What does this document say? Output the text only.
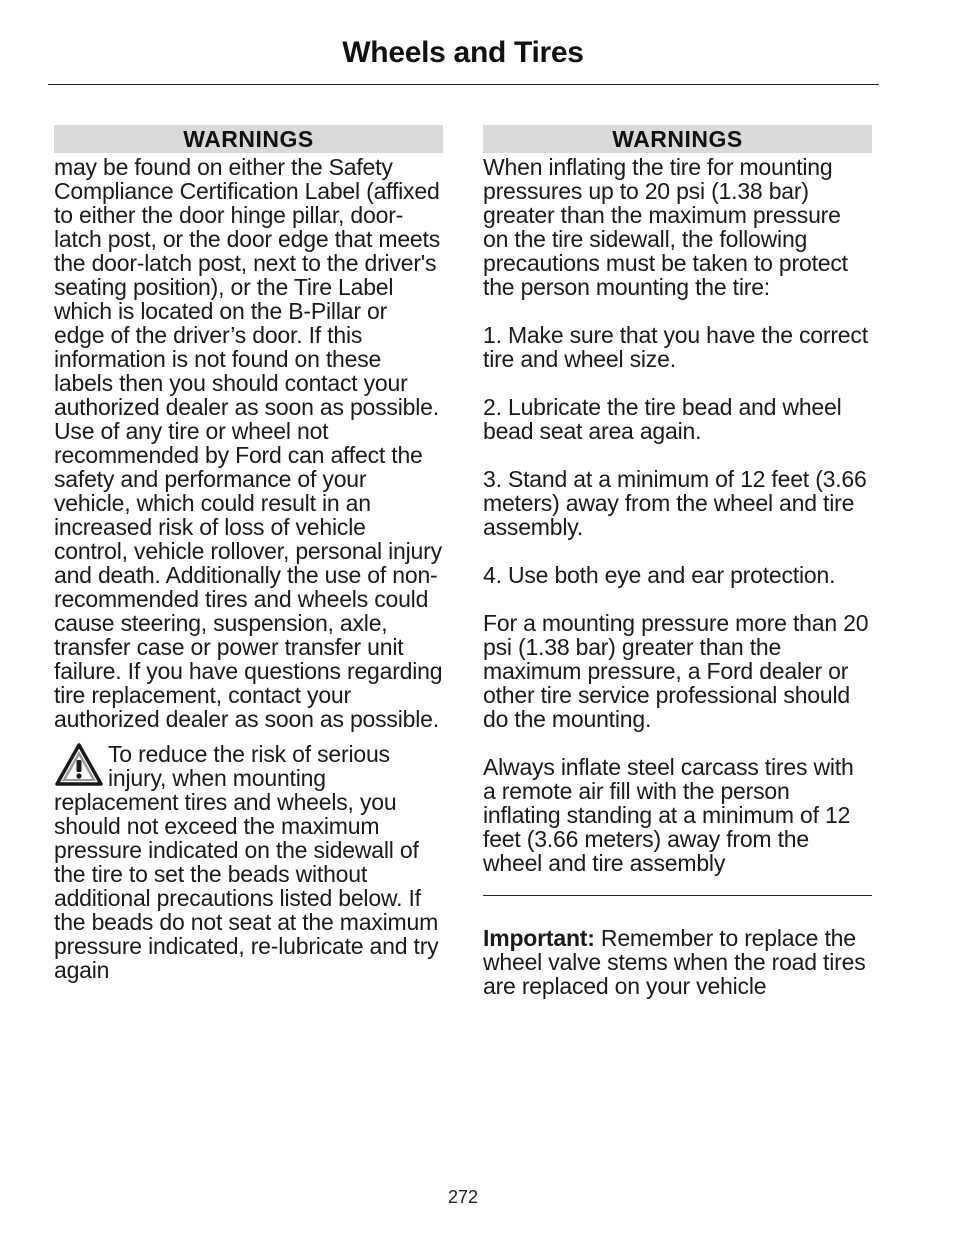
Wheels and Tires
WARNINGS

may be found on either the Safety Compliance Certification Label (affixed to either the door hinge pillar, door-latch post, or the door edge that meets the door-latch post, next to the driver's seating position), or the Tire Label which is located on the B-Pillar or edge of the driver’s door. If this information is not found on these labels then you should contact your authorized dealer as soon as possible. Use of any tire or wheel not recommended by Ford can affect the safety and performance of your vehicle, which could result in an increased risk of loss of vehicle control, vehicle rollover, personal injury and death. Additionally the use of non-recommended tires and wheels could cause steering, suspension, axle, transfer case or power transfer unit failure. If you have questions regarding tire replacement, contact your authorized dealer as soon as possible.

To reduce the risk of serious injury, when mounting replacement tires and wheels, you should not exceed the maximum pressure indicated on the sidewall of the tire to set the beads without additional precautions listed below. If the beads do not seat at the maximum pressure indicated, re-lubricate and try again

WARNINGS

When inflating the tire for mounting pressures up to 20 psi (1.38 bar) greater than the maximum pressure on the tire sidewall, the following precautions must be taken to protect the person mounting the tire:

1. Make sure that you have the correct tire and wheel size.

2. Lubricate the tire bead and wheel bead seat area again.

3. Stand at a minimum of 12 feet (3.66 meters) away from the wheel and tire assembly.

4. Use both eye and ear protection.

For a mounting pressure more than 20 psi (1.38 bar) greater than the maximum pressure, a Ford dealer or other tire service professional should do the mounting.

Always inflate steel carcass tires with a remote air fill with the person inflating standing at a minimum of 12 feet (3.66 meters) away from the wheel and tire assembly

Important: Remember to replace the wheel valve stems when the road tires are replaced on your vehicle

272
